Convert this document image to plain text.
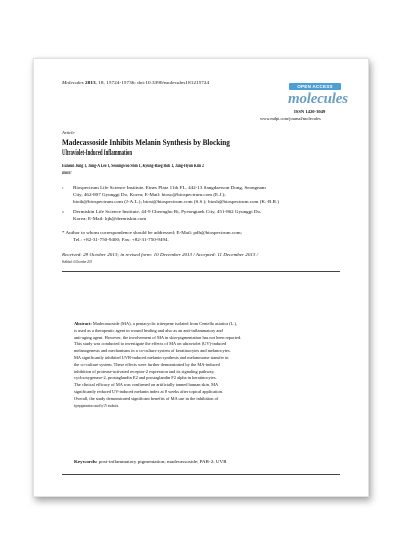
Molecules 2013, 18, 15724-15736; doi:10.3390/molecules181215724
OPEN ACCESS
molecules
ISSN 1420-3049
www.mdpi.com/journal/molecules
Article
Madecassoside Inhibits Melanin Synthesis by Blocking
Ultraviolet-Induced Inflammation
Eunsun Jung 1, Jung-A Lee 1, Seoungwoo Shin 1, Kyung-Baeg Roh 1, Jang-Hyun Kim 2
and Deokhoon Park 1,*
1 Biospectrum Life Science Institute, Eines Platz 11th FL, 442-13 Sangdaewon Dong, Seongnam
City, 462-807 Gyunggi Do, Korea; E-Mail: bioso@biospectrum.com (E.J.);
bioth@biospectrum.com (J-A.L.); biost@biospectrum.com (S.S.); biosh@biospectrum.com (K.-B.R.)
2 Dermiskin Life Science Institute, 44-9 Cheongho Ri, Pyeongtaek City, 451-862 Gyunggi Do,
Korea; E-Mail: kjh@dermiskin.com
* Author to whom correspondence should be addressed; E-Mail: pdh@biospectrum.com;
Tel.: +82-31-750-9400; Fax: +82-31-750-9494.
Received: 29 October 2013; in revised form: 10 December 2013 / Accepted: 11 December 2013 /
Published: 16 December 2013
Abstract: Madecassoside (MA), a pentacyclic triterpene isolated from Centella asiatica (L.),
is used as a therapeutic agent in wound healing and also as an anti-inflammatory and
anti-aging agent. However, the involvement of MA in skin-pigmentation has not been reported.
This study was conducted to investigate the effects of MA on ultraviolet (UV)-induced
melanogenesis and mechanisms in a co-culture system of keratinocytes and melanocytes.
MA significantly inhibited UVB-induced melanin synthesis and melanosome transfer in
the co-culture system. These effects were further demonstrated by the MA-induced
inhibition of protease-activated receptor-2 expression and its signaling pathway,
cyclooxygenase-2, prostaglandin E2 and prostaglandin F2 alpha in keratinocytes.
The clinical efficacy of MA was confirmed on artificially tanned human skin. MA
significantly reduced UV-induced melanin index at 8 weeks after topical application.
Overall, the study demonstrated significant benefits of MA use in the inhibition of
hyperpigmentation caused by UV irradiation.
Keywords: post-inflammatory pigmentation; madecassoside; PAR-2; UVR
